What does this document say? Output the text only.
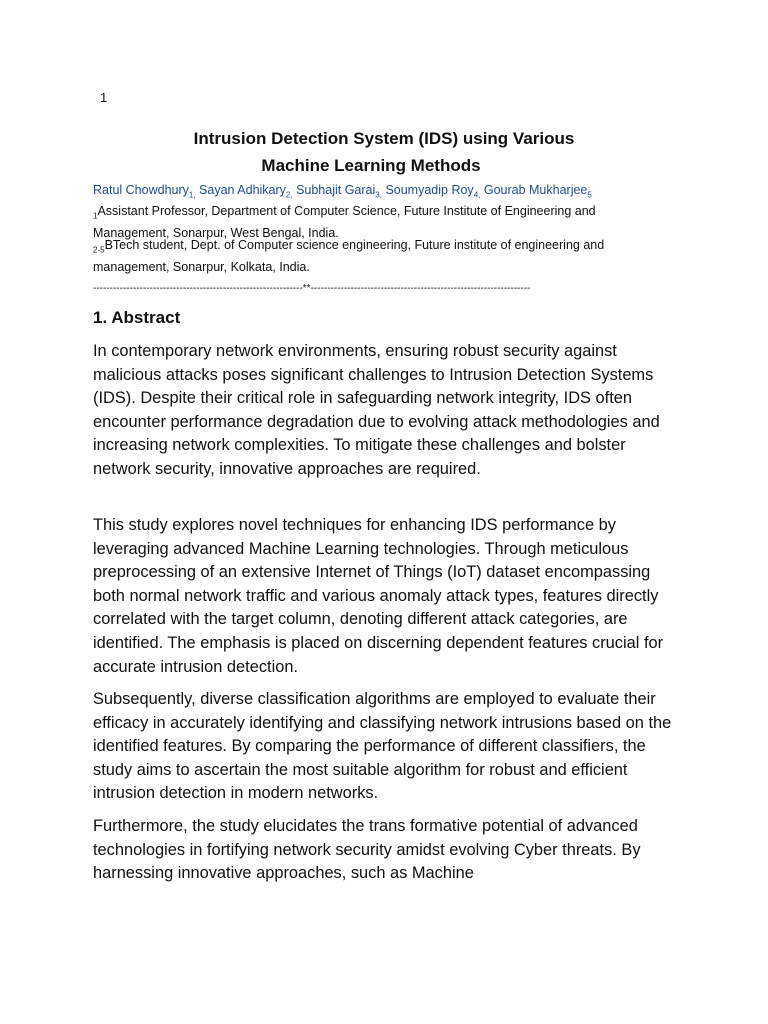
1
Intrusion Detection System (IDS) using Various
Machine Learning Methods
Ratul Chowdhury$_{1,}$ Sayan Adhikary$_{2,}$ Subhajit Garai$_{3,}$ Soumyadip Roy$_{4,}$ Gourab Mukharjee$_5$
$_1$Assistant Professor, Department of Computer Science, Future Institute of Engineering and Management, Sonarpur, West Bengal, India.
$_{2-5}$BTech student, Dept. of Computer science engineering, Future institute of engineering and management, Sonarpur, Kolkata, India.
---------------------------------------------------------------**------------------------------------------------------------------
1. Abstract
In contemporary network environments, ensuring robust security against malicious attacks poses significant challenges to Intrusion Detection Systems (IDS). Despite their critical role in safeguarding network integrity, IDS often encounter performance degradation due to evolving attack methodologies and increasing network complexities. To mitigate these challenges and bolster network security, innovative approaches are required.
This study explores novel techniques for enhancing IDS performance by leveraging advanced Machine Learning technologies. Through meticulous preprocessing of an extensive Internet of Things (IoT) dataset encompassing both normal network traffic and various anomaly attack types, features directly correlated with the target column, denoting different attack categories, are identified. The emphasis is placed on discerning dependent features crucial for accurate intrusion detection.
Subsequently, diverse classification algorithms are employed to evaluate their efficacy in accurately identifying and classifying network intrusions based on the identified features. By comparing the performance of different classifiers, the study aims to ascertain the most suitable algorithm for robust and efficient intrusion detection in modern networks.
Furthermore, the study elucidates the trans formative potential of advanced technologies in fortifying network security amidst evolving Cyber threats. By harnessing innovative approaches, such as Machine
